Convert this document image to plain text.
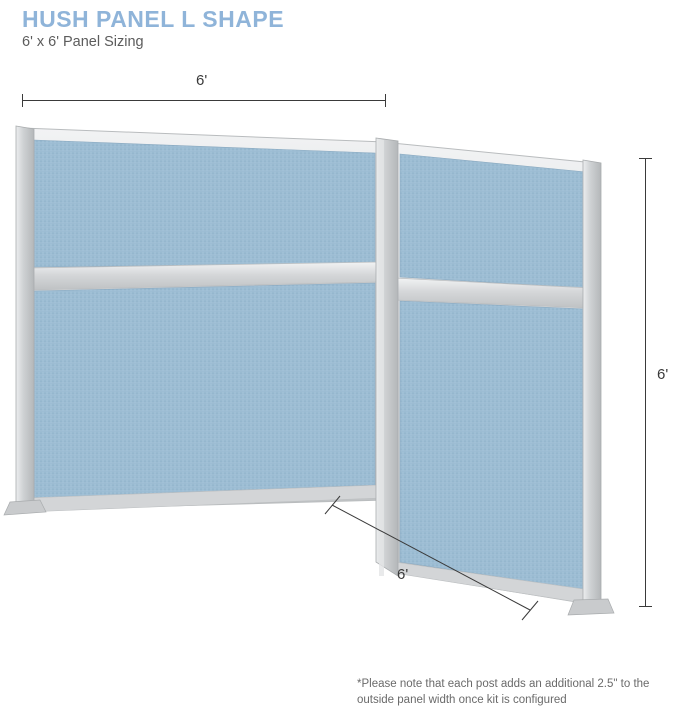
HUSH PANEL L SHAPE
6' x 6' Panel Sizing
6'
6'
6'
*Please note that each post adds an additional 2.5" to the outside panel width once kit is configured
